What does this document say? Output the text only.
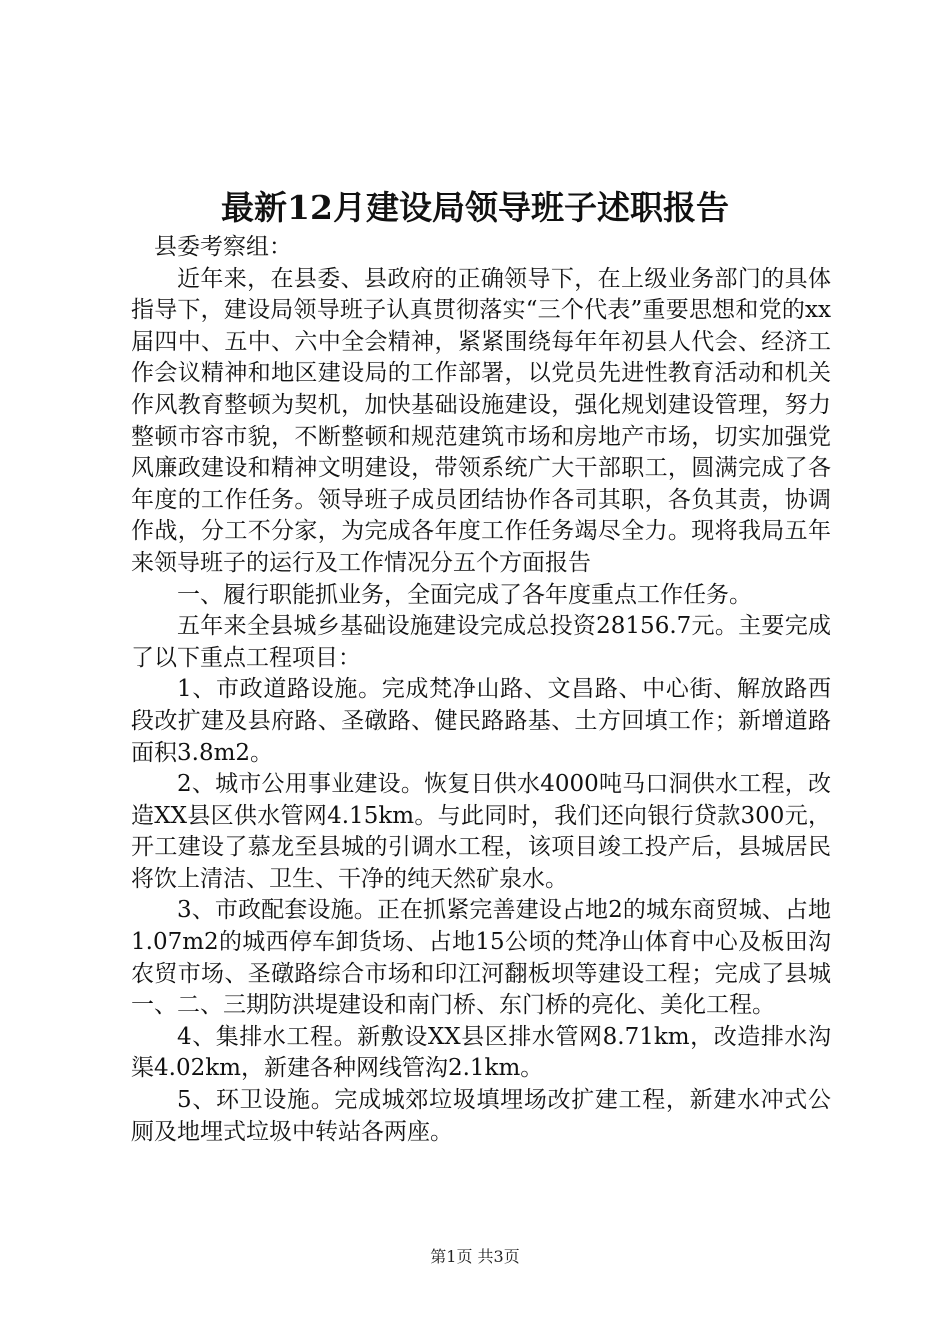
最新12月建设局领导班子述职报告

县委考察组：

近年来，在县委、县政府的正确领导下，在上级业务部门的具体指导下，建设局领导班子认真贯彻落实“三个代表”重要思想和党的xx届四中、五中、六中全会精神，紧紧围绕每年年初县人代会、经济工作会议精神和地区建设局的工作部署，以党员先进性教育活动和机关作风教育整顿为契机，加快基础设施建设，强化规划建设管理，努力整顿市容市貌，不断整顿和规范建筑市场和房地产市场，切实加强党风廉政建设和精神文明建设，带领系统广大干部职工，圆满完成了各年度的工作任务。领导班子成员团结协作各司其职，各负其责，协调作战，分工不分家，为完成各年度工作任务竭尽全力。现将我局五年来领导班子的运行及工作情况分五个方面报告

一、履行职能抓业务，全面完成了各年度重点工作任务。

五年来全县城乡基础设施建设完成总投资28156.7元。主要完成了以下重点工程项目：

1、市政道路设施。完成梵净山路、文昌路、中心街、解放路西段改扩建及县府路、圣礅路、健民路路基、土方回填工作；新增道路面积3.8m2。

2、城市公用事业建设。恢复日供水4000吨马口洞供水工程，改造XX县区供水管网4.15km。与此同时，我们还向银行贷款300元，开工建设了慕龙至县城的引调水工程，该项目竣工投产后，县城居民将饮上清洁、卫生、干净的纯天然矿泉水。

3、市政配套设施。正在抓紧完善建设占地2的城东商贸城、占地1.07m2的城西停车卸货场、占地15公顷的梵净山体育中心及板田沟农贸市场、圣礅路综合市场和印江河翻板坝等建设工程；完成了县城一、二、三期防洪堤建设和南门桥、东门桥的亮化、美化工程。

4、集排水工程。新敷设XX县区排水管网8.71km，改造排水沟渠4.02km，新建各种网线管沟2.1km。

5、环卫设施。完成城郊垃圾填埋场改扩建工程，新建水冲式公厕及地埋式垃圾中转站各两座。

第1页 共3页
